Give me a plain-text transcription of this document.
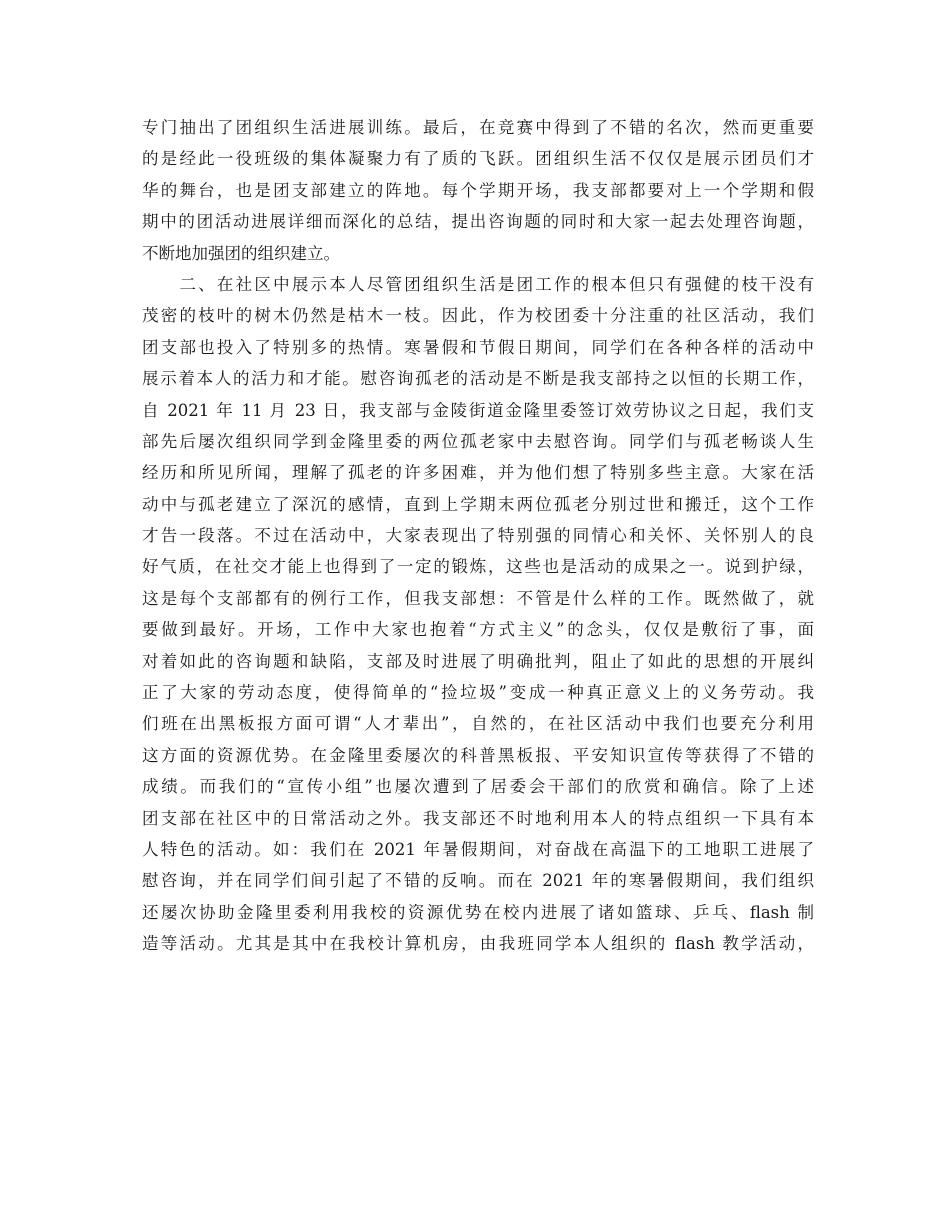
专门抽出了团组织生活进展训练。最后，在竞赛中得到了不错的名次，然而更重要
的是经此一役班级的集体凝聚力有了质的飞跃。团组织生活不仅仅是展示团员们才
华的舞台，也是团支部建立的阵地。每个学期开场，我支部都要对上一个学期和假
期中的团活动进展详细而深化的总结，提出咨询题的同时和大家一起去处理咨询题，
不断地加强团的组织建立。
　　二、在社区中展示本人尽管团组织生活是团工作的根本但只有强健的枝干没有
茂密的枝叶的树木仍然是枯木一枝。因此，作为校团委十分注重的社区活动，我们
团支部也投入了特别多的热情。寒暑假和节假日期间，同学们在各种各样的活动中
展示着本人的活力和才能。慰咨询孤老的活动是不断是我支部持之以恒的长期工作，
自 2021 年 11 月 23 日，我支部与金陵街道金隆里委签订效劳协议之日起，我们支
部先后屡次组织同学到金隆里委的两位孤老家中去慰咨询。同学们与孤老畅谈人生
经历和所见所闻，理解了孤老的许多困难，并为他们想了特别多些主意。大家在活
动中与孤老建立了深沉的感情，直到上学期末两位孤老分别过世和搬迁，这个工作
才告一段落。不过在活动中，大家表现出了特别强的同情心和关怀、关怀别人的良
好气质，在社交才能上也得到了一定的锻炼，这些也是活动的成果之一。说到护绿，
这是每个支部都有的例行工作，但我支部想：不管是什么样的工作。既然做了，就
要做到最好。开场，工作中大家也抱着“方式主义”的念头，仅仅是敷衍了事，面
对着如此的咨询题和缺陷，支部及时进展了明确批判，阻止了如此的思想的开展纠
正了大家的劳动态度，使得简单的“捡垃圾”变成一种真正意义上的义务劳动。我
们班在出黑板报方面可谓“人才辈出”，自然的，在社区活动中我们也要充分利用
这方面的资源优势。在金隆里委屡次的科普黑板报、平安知识宣传等获得了不错的
成绩。而我们的“宣传小组”也屡次遭到了居委会干部们的欣赏和确信。除了上述
团支部在社区中的日常活动之外。我支部还不时地利用本人的特点组织一下具有本
人特色的活动。如：我们在 2021 年暑假期间，对奋战在高温下的工地职工进展了
慰咨询，并在同学们间引起了不错的反响。而在 2021 年的寒暑假期间，我们组织
还屡次协助金隆里委利用我校的资源优势在校内进展了诸如篮球、乒乓、flash 制
造等活动。尤其是其中在我校计算机房，由我班同学本人组织的 flash 教学活动，
